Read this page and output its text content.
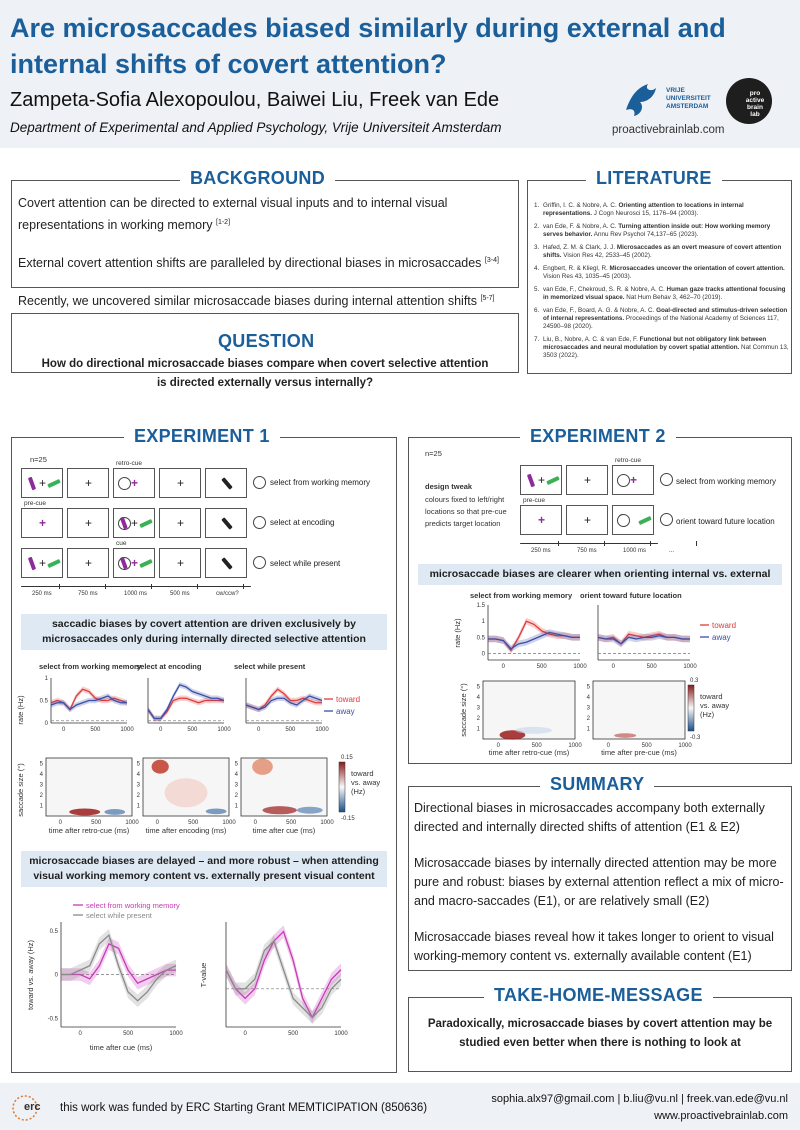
Are microsaccades biased similarly during external and internal shifts of covert attention?
Zampeta-Sofia Alexopoulou, Baiwei Liu, Freek van Ede
Department of Experimental and Applied Psychology, Vrije Universiteit Amsterdam
VRIJE
UNIVERSITEIT
AMSTERDAM
pro
active
brain
lab
proactivebrainlab.com
BACKGROUND
Covert attention can be directed to external visual inputs and to internal visual representations in working memory [1-2]
External covert attention shifts are paralleled by directional biases in microsaccades [3-4]
Recently, we uncovered similar microsaccade biases during internal attention shifts [5-7]
QUESTION
How do directional microsaccade biases compare when covert selective attention is directed externally versus internally?
LITERATURE
1. Griffin, I. C. & Nobre, A. C. Orienting attention to locations in internal representations. J Cogn Neurosci 15, 1176–94 (2003).
2. van Ede, F. & Nobre, A. C. Turning attention inside out: How working memory serves behavior. Annu Rev Psychol 74,137–65 (2023).
3. Hafed, Z. M. & Clark, J. J. Microsaccades as an overt measure of covert attention shifts. Vision Res 42, 2533–45 (2002).
4. Engbert, R. & Kliegl, R. Microsaccades uncover the orientation of covert attention. Vision Res 43, 1035–45 (2003).
5. van Ede, F., Chekroud, S. R. & Nobre, A. C. Human gaze tracks attentional focusing in memorized visual space. Nat Hum Behav 3, 462–70 (2019).
6. van Ede, F., Board, A. G. & Nobre, A. C. Goal-directed and stimulus-driven selection of internal representations. Proceedings of the National Academy of Sciences 117, 24590–98 (2020).
7. Liu, B., Nobre, A. C. & van Ede, F. Functional but not obligatory link between microsaccades and neural modulation by covert spatial attention. Nat Commun 13, 3503 (2022).
EXPERIMENT 1
n=25
+	+	+
retro-cue
+
+
pre-cue
+	+	+
+	+	+
cue
+
250 ms	750 ms	1000 ms	500 ms	cw/ccw?
select from working memory
select at encoding
select while present
saccadic biases by covert attention are driven exclusively by microsaccades only during internally directed selective attention
select from working memory
0	500	1000
0
0.5
1
select at encoding
0	500	1000
select while present
0	500	1000
rate (Hz)	toward
away
0	500	1000
1
2
3
4
5
time after retro-cue (ms)
0	500	1000
1
2
3
4
5
time after encoding (ms)
0	500	1000
1
2
3
4
5
time after cue (ms)
saccade size (°)
0.15
-0.15
toward
vs. away
(Hz)
microsaccade biases are delayed – and more robust – when attending visual working memory content vs. externally present visual content
select from working memory
select while present
0	500	1000
-0.5
0
0.5
0	500	1000
toward vs. away (Hz)	T-value
time after cue (ms)
EXPERIMENT 2
n=25
design tweak
colours fixed to left/right locations so that pre-cue predicts target location
+	+	+
retro-cue
+
pre-cue
+
250 ms	750 ms	1000 ms	...
select from working memory
orient toward future location
microsaccade biases are clearer when orienting internal vs. external
select from working memory
0	500	1000
0
0.5
1
1.5
0	500	1000
1
2
3
4
5
time after retro-cue (ms)
orient toward future location
0	500	1000
0	500	1000
1
2
3
4
5
time after pre-cue (ms)
rate (Hz)
saccade size (°)
toward
away
0.3
-0.3
toward
vs. away
(Hz)
SUMMARY
Directional biases in microsaccades accompany both externally directed and internally directed shifts of attention (E1 & E2)
Microsaccade biases by internally directed attention may be more pure and robust: biases by external attention reflect a mix of micro- and macro-saccades (E1), or are relatively small (E2)
Microsaccade biases reveal how it takes longer to orient to visual working-memory content vs. externally available content (E1)
TAKE-HOME-MESSAGE
Paradoxically, microsaccade biases by covert attention may be studied even better when there is nothing to look at
erc this work was funded by ERC Starting Grant MEMTICIPATION (850636)
sophia.alx97@gmail.com | b.liu@vu.nl | freek.van.ede@vu.nl
www.proactivebrainlab.com
